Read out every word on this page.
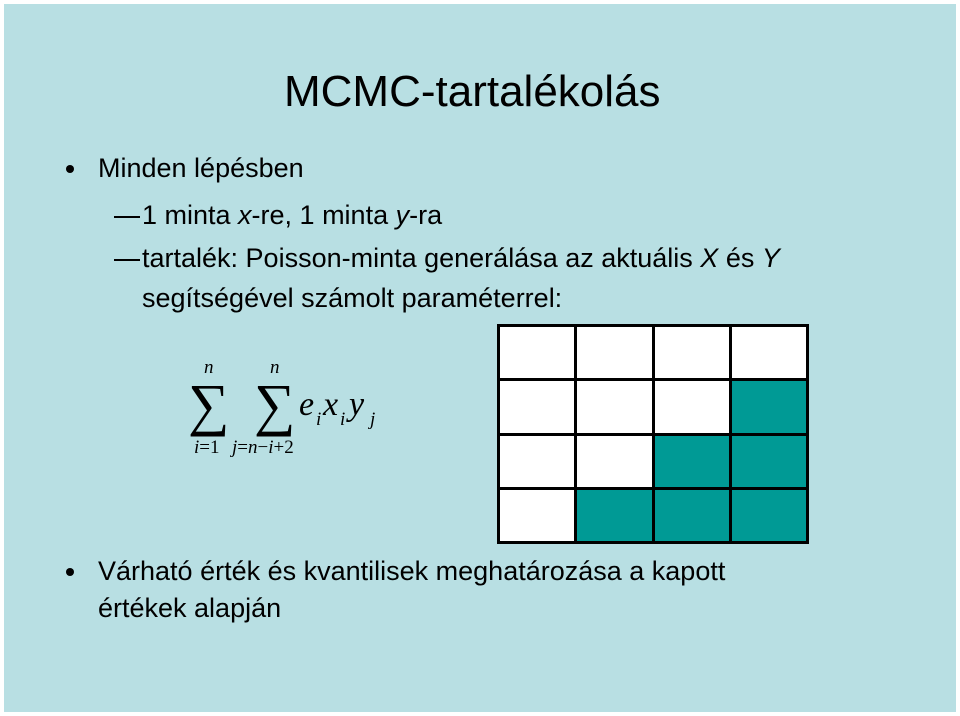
MCMC-tartalékolás
Minden lépésben
1 minta x-re, 1 minta y-ra
tartalék: Poisson-minta generálása az aktuális X és Y
segítségével számolt paraméterrel:
n
∑
i=1
n
∑
j=n−i+2
e i x i y j
Várható érték és kvantilisek meghatározása a kapott
értékek alapján
